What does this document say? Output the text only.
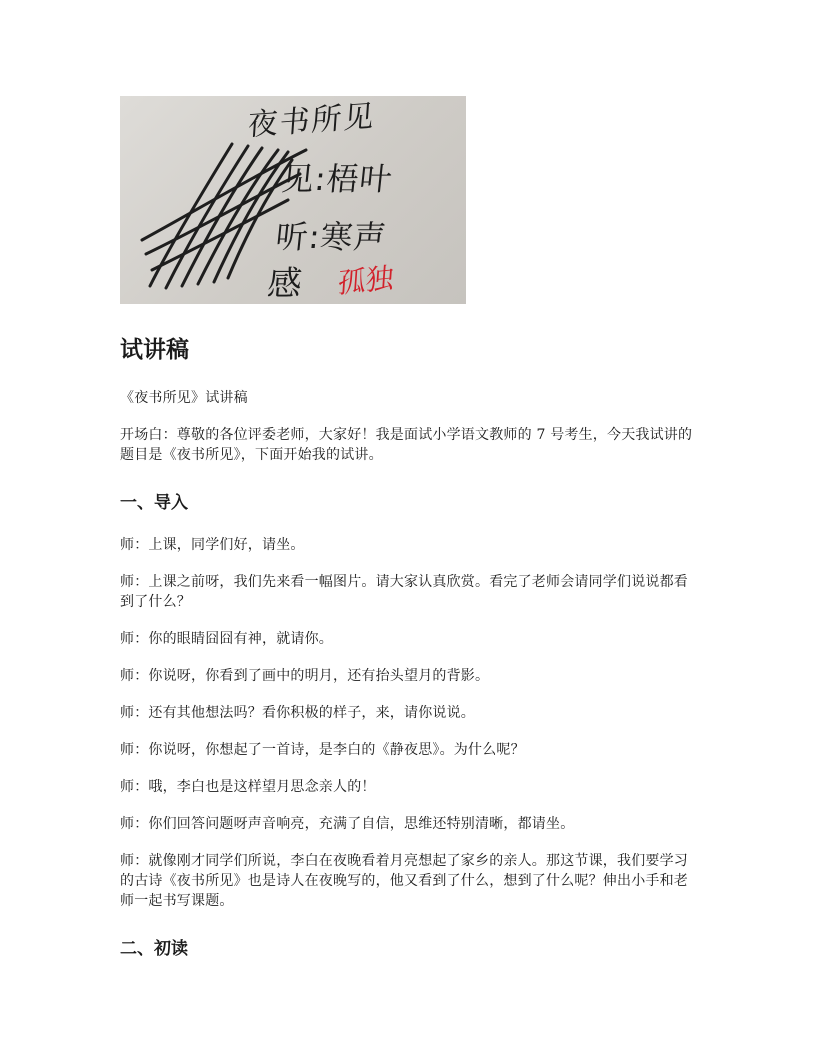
夜书所见
见:梧叶
听:寒声
感 孤独
试讲稿

《夜书所见》试讲稿

开场白：尊敬的各位评委老师，大家好！我是面试小学语文教师的 7 号考生，今天我试讲的题目是《夜书所见》，下面开始我的试讲。

一、导入

师：上课，同学们好，请坐。

师：上课之前呀，我们先来看一幅图片。请大家认真欣赏。看完了老师会请同学们说说都看到了什么？

师：你的眼睛囧囧有神，就请你。

师：你说呀，你看到了画中的明月，还有抬头望月的背影。

师：还有其他想法吗？看你积极的样子，来，请你说说。

师：你说呀，你想起了一首诗，是李白的《静夜思》。为什么呢？

师：哦，李白也是这样望月思念亲人的！

师：你们回答问题呀声音响亮，充满了自信，思维还特别清晰，都请坐。

师：就像刚才同学们所说，李白在夜晚看着月亮想起了家乡的亲人。那这节课，我们要学习的古诗《夜书所见》也是诗人在夜晚写的，他又看到了什么，想到了什么呢？伸出小手和老师一起书写课题。

二、初读
